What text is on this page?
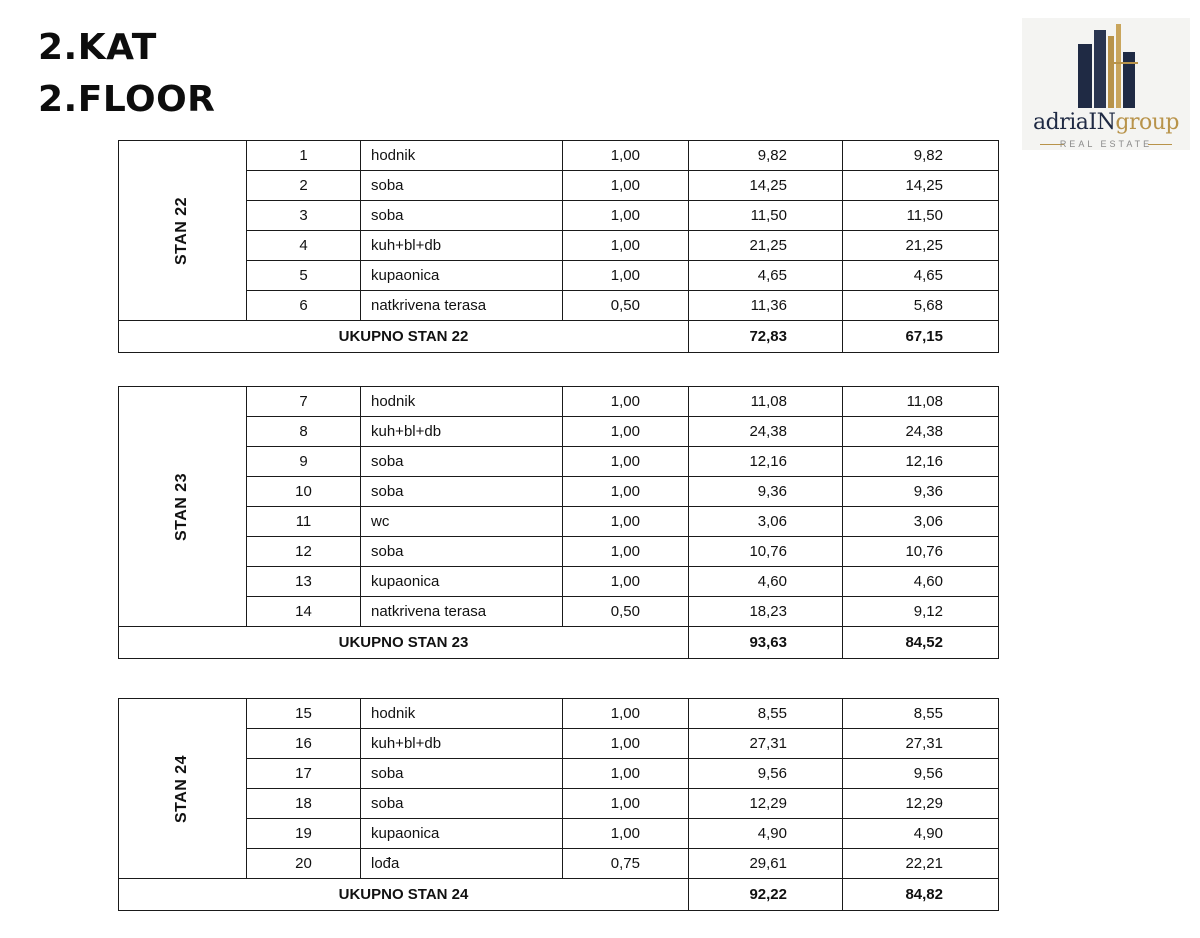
2.KAT
2.FLOOR
adriaINgroup
REAL ESTATE
STAN 22	1	hodnik	1,00	9,82	9,82
	2	soba	1,00	14,25	14,25
	3	soba	1,00	11,50	11,50
	4	kuh+bl+db	1,00	21,25	21,25
	5	kupaonica	1,00	4,65	4,65
	6	natkrivena terasa	0,50	11,36	5,68
UKUPNO STAN 22				72,83	67,15
STAN 23	7	hodnik	1,00	11,08	11,08
	8	kuh+bl+db	1,00	24,38	24,38
	9	soba	1,00	12,16	12,16
	10	soba	1,00	9,36	9,36
	11	wc	1,00	3,06	3,06
	12	soba	1,00	10,76	10,76
	13	kupaonica	1,00	4,60	4,60
	14	natkrivena terasa	0,50	18,23	9,12
UKUPNO STAN 23				93,63	84,52
STAN 24	15	hodnik	1,00	8,55	8,55
	16	kuh+bl+db	1,00	27,31	27,31
	17	soba	1,00	9,56	9,56
	18	soba	1,00	12,29	12,29
	19	kupaonica	1,00	4,90	4,90
	20	lođa	0,75	29,61	22,21
UKUPNO STAN 24				92,22	84,82
